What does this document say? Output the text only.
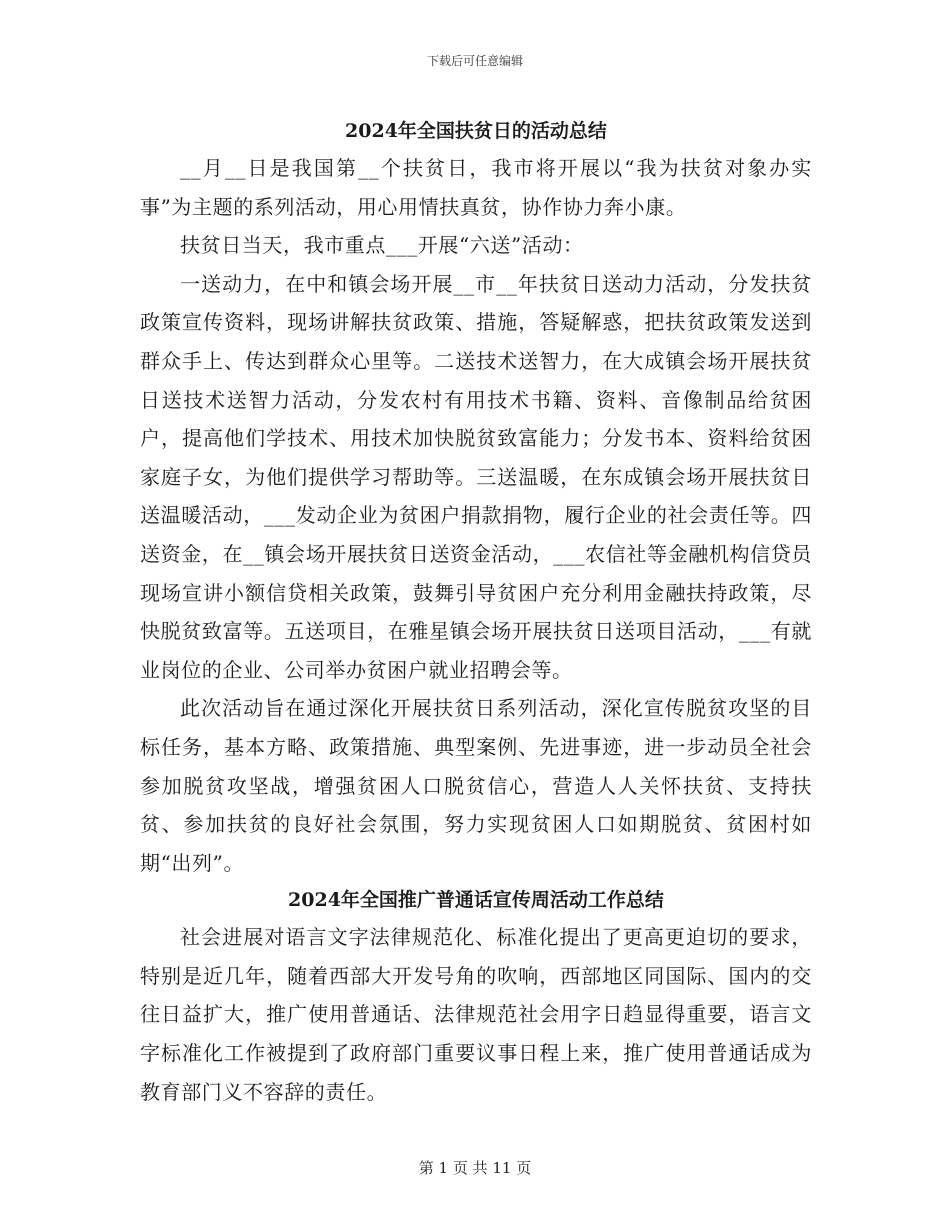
下载后可任意编辑
2024年全国扶贫日的活动总结

__月__日是我国第__个扶贫日，我市将开展以“我为扶贫对象办实事”为主题的系列活动，用心用情扶真贫，协作协力奔小康。

扶贫日当天，我市重点___开展“六送”活动：

一送动力，在中和镇会场开展__市__年扶贫日送动力活动，分发扶贫政策宣传资料，现场讲解扶贫政策、措施，答疑解惑，把扶贫政策发送到群众手上、传达到群众心里等。二送技术送智力，在大成镇会场开展扶贫日送技术送智力活动，分发农村有用技术书籍、资料、音像制品给贫困户，提高他们学技术、用技术加快脱贫致富能力；分发书本、资料给贫困家庭子女，为他们提供学习帮助等。三送温暖，在东成镇会场开展扶贫日送温暖活动，___发动企业为贫困户捐款捐物，履行企业的社会责任等。四送资金，在__镇会场开展扶贫日送资金活动，___农信社等金融机构信贷员现场宣讲小额信贷相关政策，鼓舞引导贫困户充分利用金融扶持政策，尽快脱贫致富等。五送项目，在雅星镇会场开展扶贫日送项目活动，___有就业岗位的企业、公司举办贫困户就业招聘会等。

此次活动旨在通过深化开展扶贫日系列活动，深化宣传脱贫攻坚的目标任务，基本方略、政策措施、典型案例、先进事迹，进一步动员全社会参加脱贫攻坚战，增强贫困人口脱贫信心，营造人人关怀扶贫、支持扶贫、参加扶贫的良好社会氛围，努力实现贫困人口如期脱贫、贫困村如期“出列”。

2024年全国推广普通话宣传周活动工作总结

社会进展对语言文字法律规范化、标准化提出了更高更迫切的要求，特别是近几年，随着西部大开发号角的吹响，西部地区同国际、国内的交往日益扩大，推广使用普通话、法律规范社会用字日趋显得重要，语言文字标准化工作被提到了政府部门重要议事日程上来，推广使用普通话成为教育部门义不容辞的责任。

第 1 页 共 11 页
